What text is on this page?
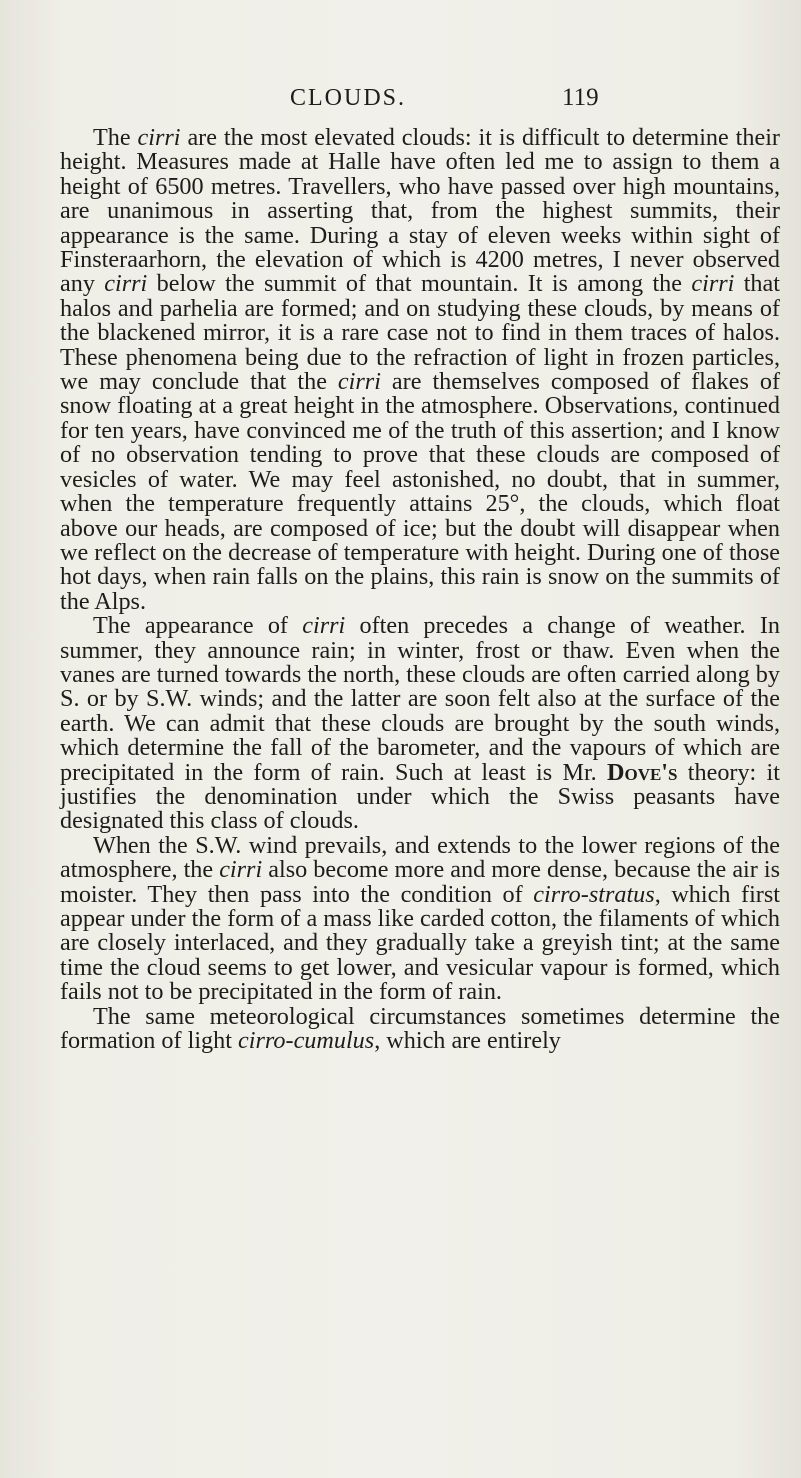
CLOUDS.	119

The cirri are the most elevated clouds: it is difficult to determine their height. Measures made at Halle have often led me to assign to them a height of 6500 metres. Travellers, who have passed over high mountains, are unanimous in asserting that, from the highest summits, their appearance is the same. During a stay of eleven weeks within sight of Finsteraarhorn, the elevation of which is 4200 metres, I never observed any cirri below the summit of that mountain. It is among the cirri that halos and parhelia are formed; and on studying these clouds, by means of the blackened mirror, it is a rare case not to find in them traces of halos. These phenomena being due to the refraction of light in frozen particles, we may conclude that the cirri are themselves composed of flakes of snow floating at a great height in the atmosphere. Observations, continued for ten years, have convinced me of the truth of this assertion; and I know of no observation tending to prove that these clouds are composed of vesicles of water. We may feel astonished, no doubt, that in summer, when the temperature frequently attains 25°, the clouds, which float above our heads, are composed of ice; but the doubt will disappear when we reflect on the decrease of temperature with height. During one of those hot days, when rain falls on the plains, this rain is snow on the summits of the Alps.

The appearance of cirri often precedes a change of weather. In summer, they announce rain; in winter, frost or thaw. Even when the vanes are turned towards the north, these clouds are often carried along by S. or by S.W. winds; and the latter are soon felt also at the surface of the earth. We can admit that these clouds are brought by the south winds, which determine the fall of the barometer, and the vapours of which are precipitated in the form of rain. Such at least is Mr. Dove's theory: it justifies the denomination under which the Swiss peasants have designated this class of clouds.

When the S.W. wind prevails, and extends to the lower regions of the atmosphere, the cirri also become more and more dense, because the air is moister. They then pass into the condition of cirro-stratus, which first appear under the form of a mass like carded cotton, the filaments of which are closely interlaced, and they gradually take a greyish tint; at the same time the cloud seems to get lower, and vesicular vapour is formed, which fails not to be precipitated in the form of rain.

The same meteorological circumstances sometimes determine the formation of light cirro-cumulus, which are entirely
